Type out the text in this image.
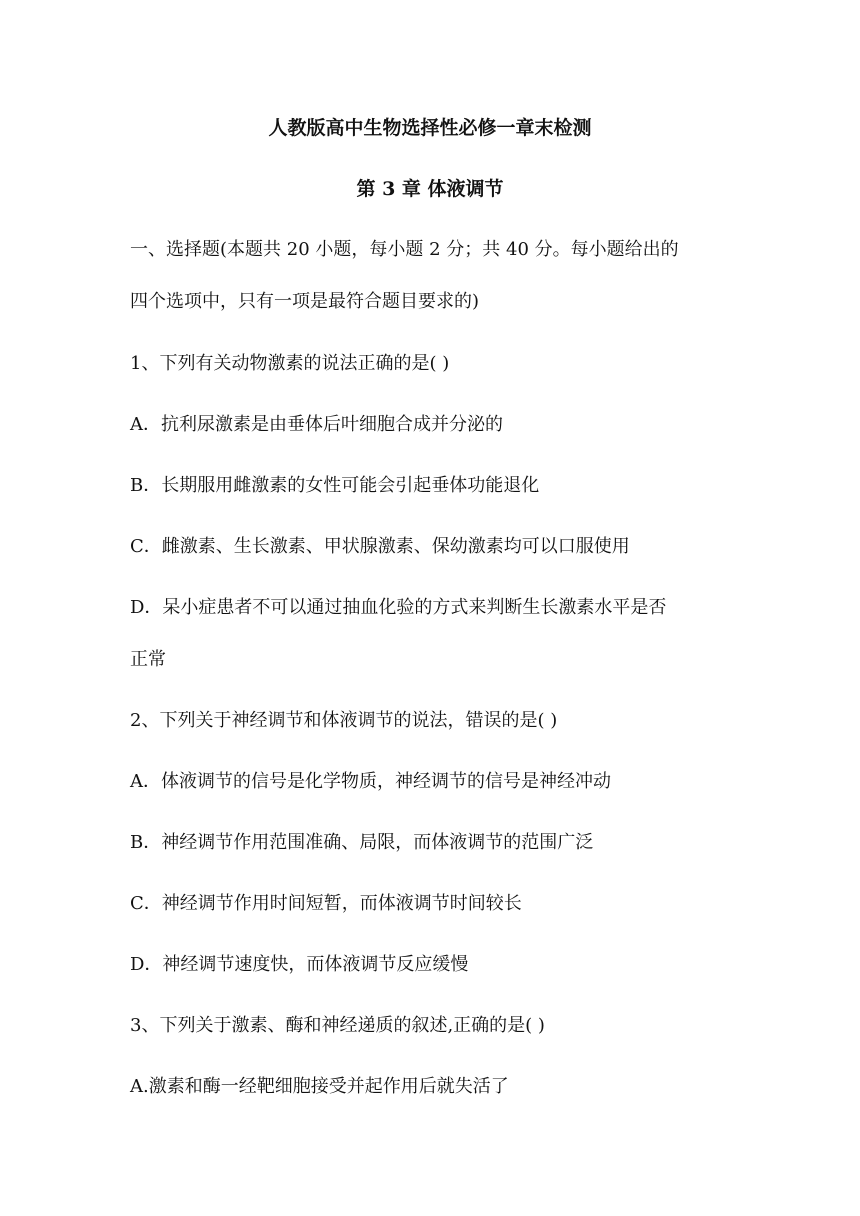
人教版高中生物选择性必修一章末检测
第 3 章 体液调节
一、选择题(本题共 20 小题，每小题 2 分；共 40 分。每小题给出的
四个选项中，只有一项是最符合题目要求的)
1、下列有关动物激素的说法正确的是( )
A．抗利尿激素是由垂体后叶细胞合成并分泌的
B．长期服用雌激素的女性可能会引起垂体功能退化
C．雌激素、生长激素、甲状腺激素、保幼激素均可以口服使用
D．呆小症患者不可以通过抽血化验的方式来判断生长激素水平是否
正常
2、下列关于神经调节和体液调节的说法，错误的是( )
A．体液调节的信号是化学物质，神经调节的信号是神经冲动
B．神经调节作用范围准确、局限，而体液调节的范围广泛
C．神经调节作用时间短暂，而体液调节时间较长
D．神经调节速度快，而体液调节反应缓慢
3、下列关于激素、酶和神经递质的叙述,正确的是( )
A.激素和酶一经靶细胞接受并起作用后就失活了
